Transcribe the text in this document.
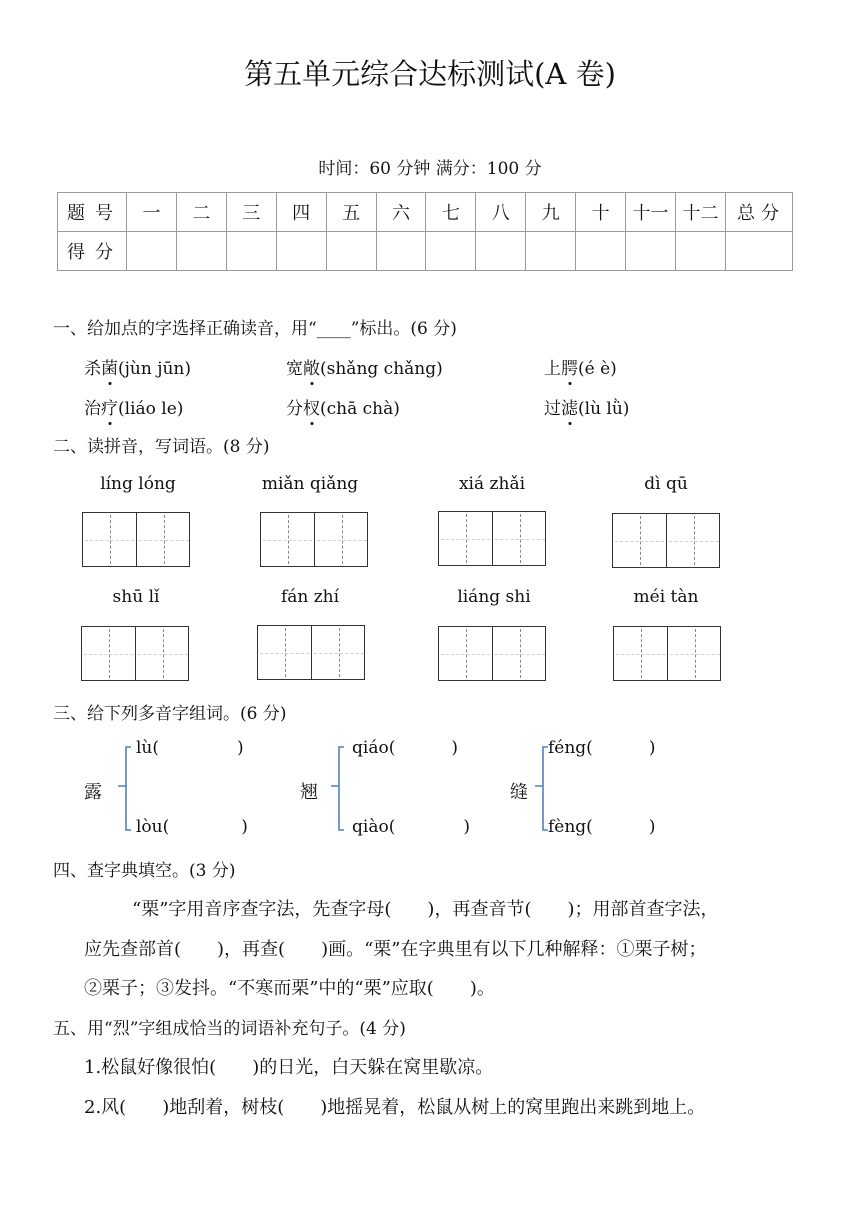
第五单元综合达标测试(A 卷)
时间：60 分钟 满分：100 分
题号	一	二	三	四	五	六	七	八	九	十	十一	十二	总分
得分													
一、给加点的字选择正确读音，用“____”标出。(6 分)
杀菌(jùn jūn)	宽敞(shǎng chǎng)	上腭(é è)
治疗(liáo le)	分杈(chā chà)	过滤(lù lǜ)
二、读拼音，写词语。(8 分)
líng lóng	miǎn qiǎng	xiá zhǎi	dì qū
shū lǐ	fán zhí	liáng shi	méi tàn
三、给下列多音字组词。(6 分)
露
lù(	)
lòu(	)
翘
qiáo(	)
qiào(	)
缝
féng(	)
fèng(	)
四、查字典填空。(3 分)
“栗”字用音序查字法，先查字母(　　)，再查音节(　　)；用部首查字法，
应先查部首(　　)，再查(　　)画。“栗”在字典里有以下几种解释：①栗子树；
②栗子；③发抖。“不寒而栗”中的“栗”应取(　　)。
五、用“烈”字组成恰当的词语补充句子。(4 分)
1.松鼠好像很怕(　　)的日光，白天躲在窝里歇凉。
2.风(　　)地刮着，树枝(　　)地摇晃着，松鼠从树上的窝里跑出来跳到地上。
